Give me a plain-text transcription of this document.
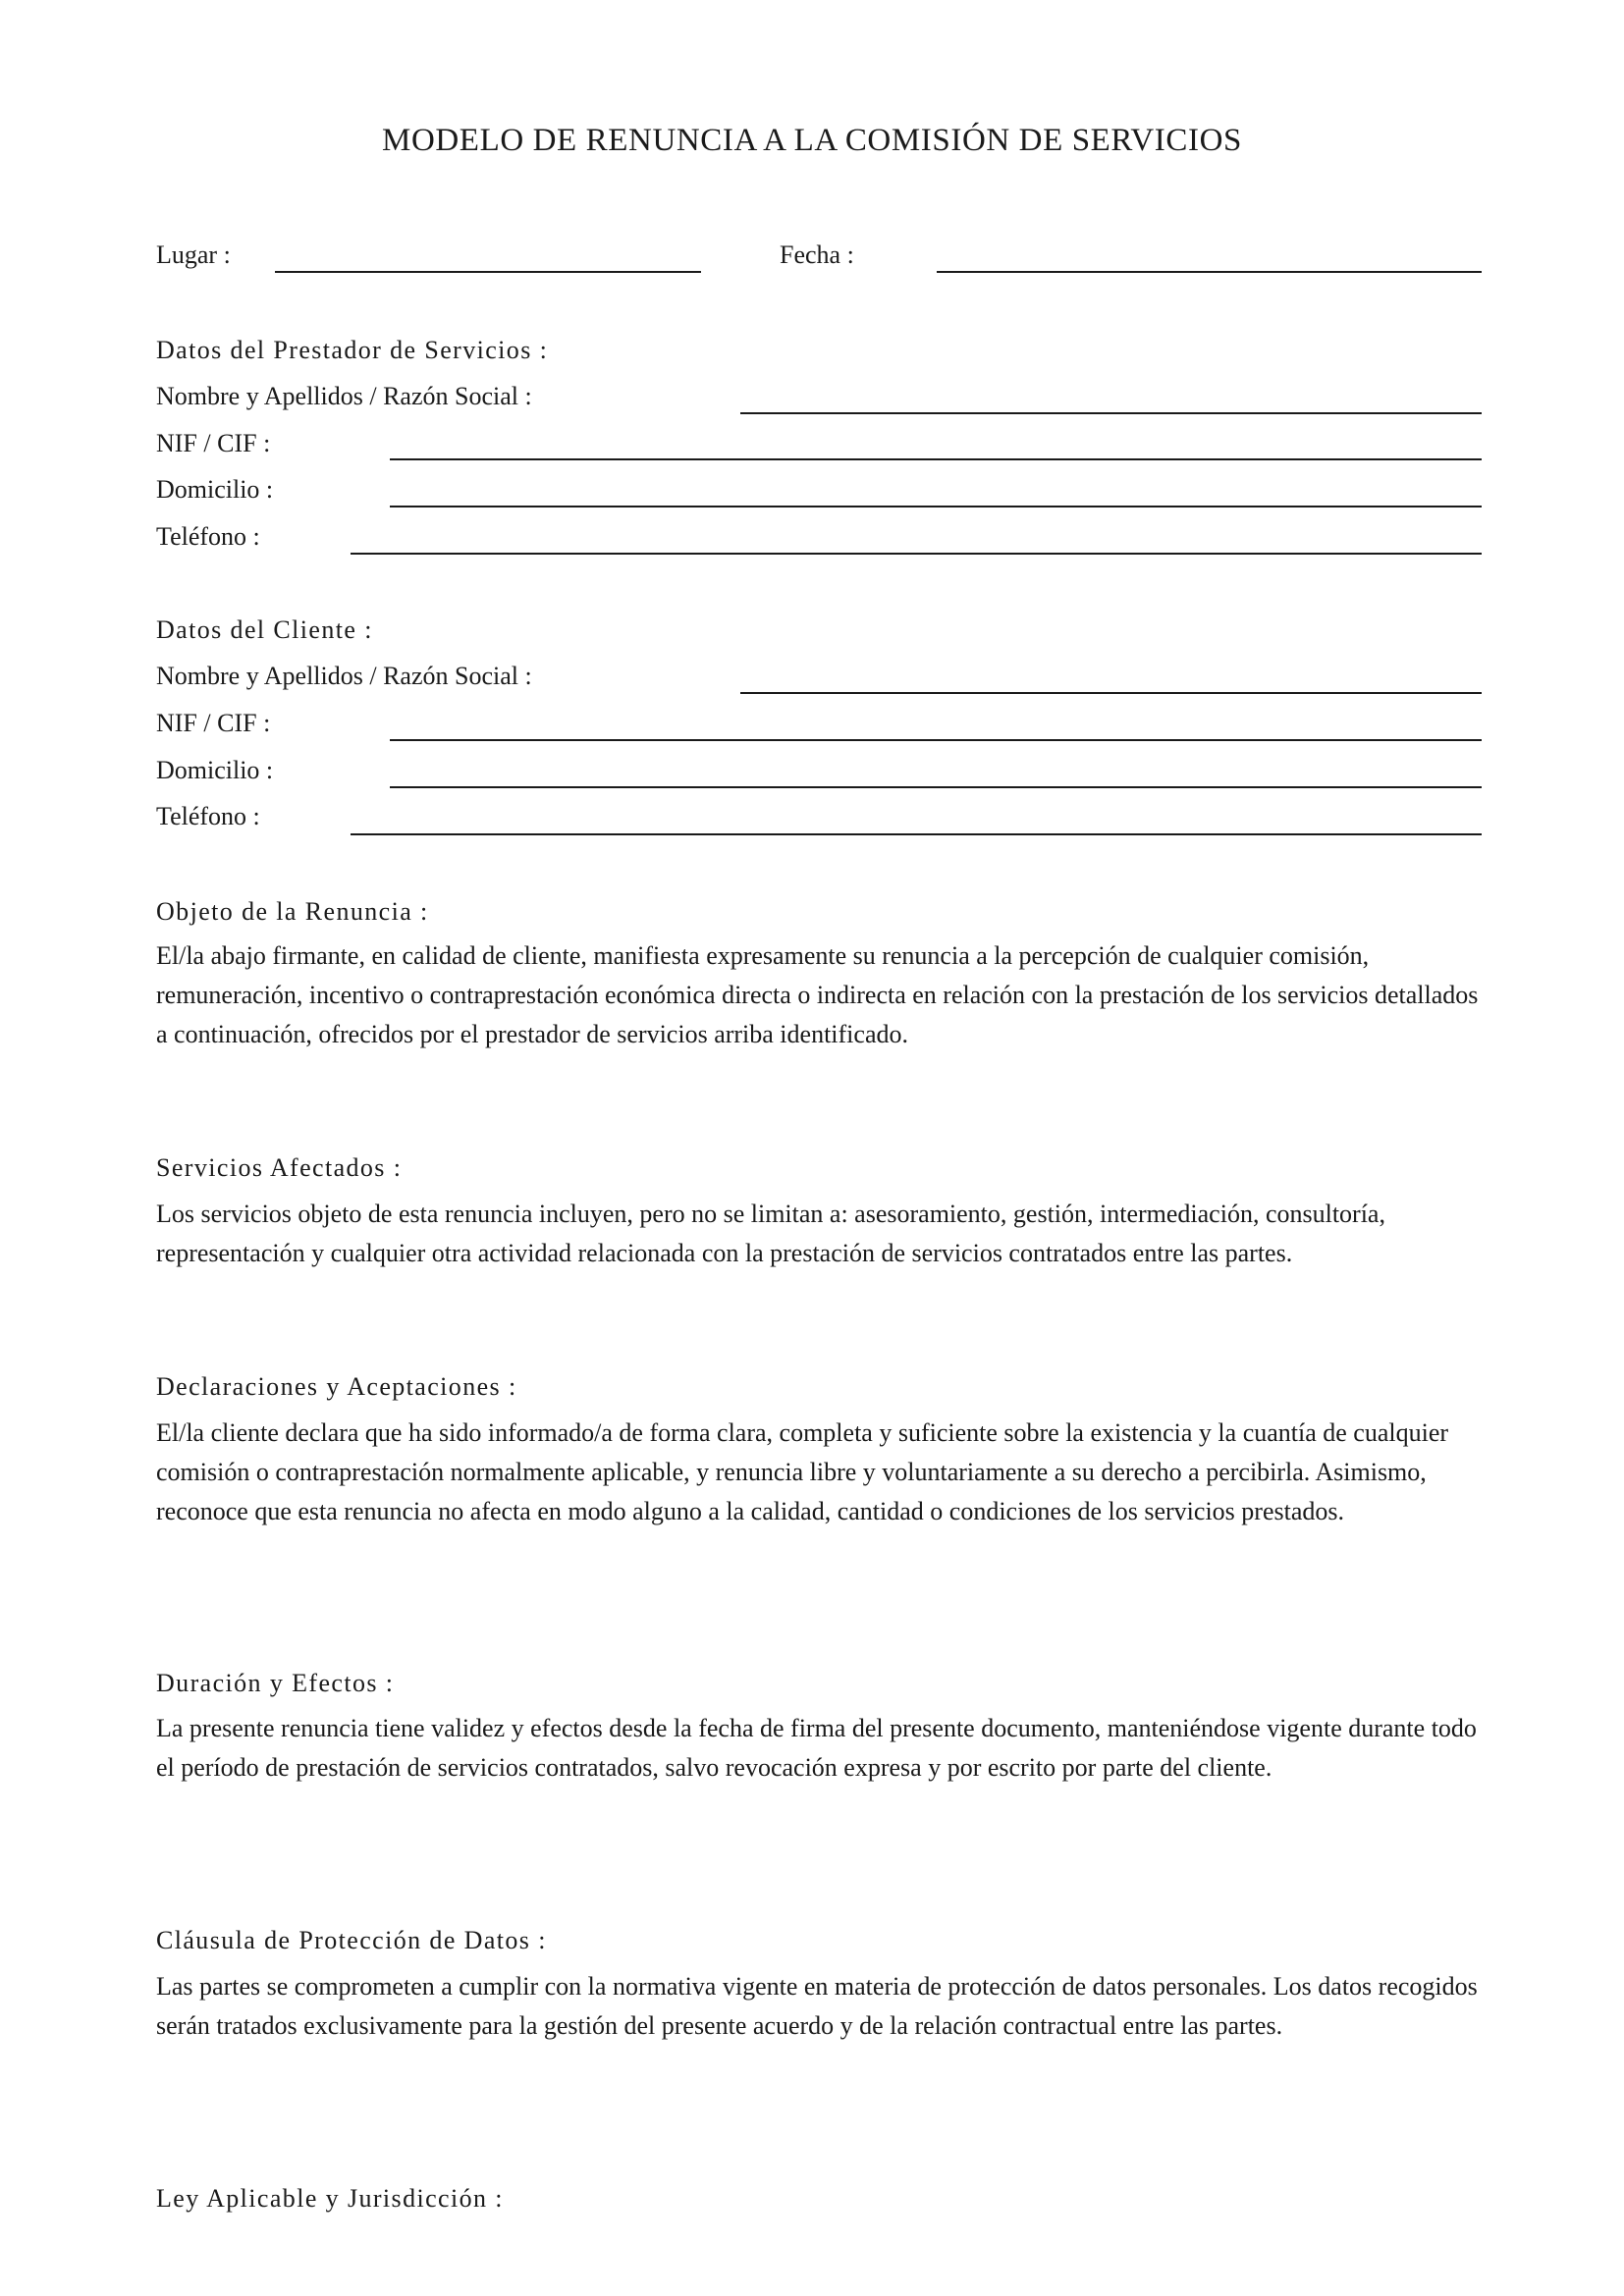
MODELO DE RENUNCIA A LA COMISIÓN DE SERVICIOS
Lugar :	Fecha :
Datos del Prestador de Servicios :
Nombre y Apellidos / Razón Social :
NIF / CIF :
Domicilio :
Teléfono :
Datos del Cliente :
Nombre y Apellidos / Razón Social :
NIF / CIF :
Domicilio :
Teléfono :
Objeto de la Renuncia :
El/la abajo firmante, en calidad de cliente, manifiesta expresamente su renuncia a la percepción de cualquier comisión, remuneración, incentivo o contraprestación económica directa o indirecta en relación con la prestación de los servicios detallados a continuación, ofrecidos por el prestador de servicios arriba identificado.
Servicios Afectados :
Los servicios objeto de esta renuncia incluyen, pero no se limitan a: asesoramiento, gestión, intermediación, consultoría, representación y cualquier otra actividad relacionada con la prestación de servicios contratados entre las partes.
Declaraciones y Aceptaciones :
El/la cliente declara que ha sido informado/a de forma clara, completa y suficiente sobre la existencia y la cuantía de cualquier comisión o contraprestación normalmente aplicable, y renuncia libre y voluntariamente a su derecho a percibirla. Asimismo, reconoce que esta renuncia no afecta en modo alguno a la calidad, cantidad o condiciones de los servicios prestados.
Duración y Efectos :
La presente renuncia tiene validez y efectos desde la fecha de firma del presente documento, manteniéndose vigente durante todo el período de prestación de servicios contratados, salvo revocación expresa y por escrito por parte del cliente.
Cláusula de Protección de Datos :
Las partes se comprometen a cumplir con la normativa vigente en materia de protección de datos personales. Los datos recogidos serán tratados exclusivamente para la gestión del presente acuerdo y de la relación contractual entre las partes.
Ley Aplicable y Jurisdicción :
